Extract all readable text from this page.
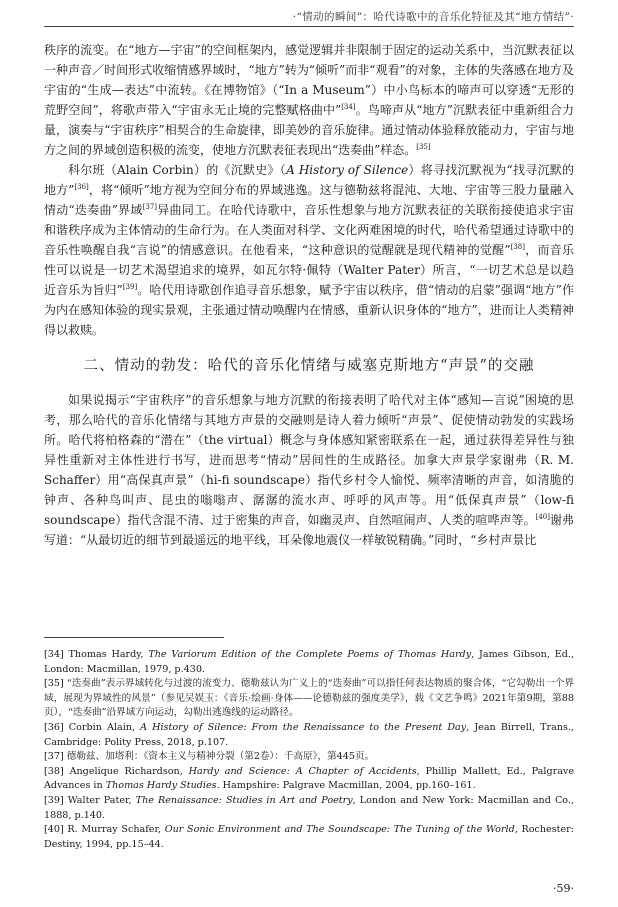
·“情动的瞬间”：哈代诗歌中的音乐化特征及其“地方情结”·

秩序的流变。在“地方—宇宙”的空间框架内，感觉逻辑并非限制于固定的运动关系中，当沉默表征以一种声音／时间形式收缩情感界域时，“地方”转为“倾听”而非“观看”的对象，主体的失落感在地方及宇宙的“生成—表达”中流转。《在博物馆》（“In a Museum”）中小鸟标本的啼声可以穿透“无形的荒野空间”，将歌声带入“宇宙永无止境的完整赋格曲中”[34]。鸟啼声从“地方”沉默表征中重新组合力量，演奏与“宇宙秩序”相契合的生命旋律，即美妙的音乐旋律。通过情动体验释放能动力，宇宙与地方之间的界域创造积极的流变，使地方沉默表征表现出“迭奏曲”样态。[35]

科尔班（Alain Corbin）的《沉默史》（A History of Silence）将寻找沉默视为“找寻沉默的地方”[36]，将“倾听”地方视为空间分布的界域逃逸。这与德勒兹将混沌、大地、宇宙等三股力量融入情动“迭奏曲”界域[37]异曲同工。在哈代诗歌中，音乐性想象与地方沉默表征的关联衔接使追求宇宙和谐秩序成为主体情动的生命行为。在人类面对科学、文化两难困境的时代，哈代希望通过诗歌中的音乐性唤醒自我“言说”的情感意识。在他看来，“这种意识的觉醒就是现代精神的觉醒”[38]，而音乐性可以说是一切艺术渴望追求的境界，如瓦尔特·佩特（Walter Pater）所言，“一切艺术总是以趋近音乐为旨归”[39]。哈代用诗歌创作追寻音乐想象，赋予宇宙以秩序，借“情动的启蒙”强调“地方”作为内在感知体验的现实景观，主张通过情动唤醒内在情感，重新认识身体的“地方”，进而让人类精神得以救赎。

二、情动的勃发：哈代的音乐化情绪与威塞克斯地方“声景”的交融

如果说揭示“宇宙秩序”的音乐想象与地方沉默的衔接表明了哈代对主体“感知—言说”困境的思考，那么哈代的音乐化情绪与其地方声景的交融则是诗人着力倾听“声景”、促使情动勃发的实践场所。哈代将柏格森的“潜在”（the virtual）概念与身体感知紧密联系在一起，通过获得差异性与独异性重新对主体性进行书写，进而思考“情动”居间性的生成路径。加拿大声景学家谢弗（R. M. Schaffer）用“高保真声景”（hi-fi soundscape）指代乡村令人愉悦、频率清晰的声音，如清脆的钟声、各种鸟叫声、昆虫的嗡嗡声、潺潺的流水声、呼呼的风声等。用“低保真声景”（low-fi soundscape）指代含混不清、过于密集的声音，如幽灵声、自然喧闹声、人类的喧哗声等。[40]谢弗写道：“从最切近的细节到最遥远的地平线，耳朵像地震仪一样敏锐精确。”同时，“乡村声景比

[34] Thomas Hardy, The Variorum Edition of the Complete Poems of Thomas Hardy, James Gibson, Ed., London: Macmillan, 1979, p.430.

[35] “迭奏曲”表示界域转化与过渡的流变力、德勒兹认为广义上的“迭奏曲”可以指任何表达物质的聚合体，“它勾勒出一个界域，展现为界域性的风景”（参见吴娱玉：《音乐·绘画·身体——论德勒兹的强度美学》，载《文艺争鸣》2021年第9期，第88页），“迭奏曲”沿界域方向运动，勾勒出逃逸线的运动路径。

[36] Corbin Alain, A History of Silence: From the Renaissance to the Present Day, Jean Birrell, Trans., Cambridge: Polity Press, 2018, p.107.

[37] 德勒兹、加塔利：《资本主义与精神分裂（第2卷）：千高原》，第445页。

[38] Angelique Richardson, Hardy and Science: A Chapter of Accidents, Phillip Mallett, Ed., Palgrave Advances in Thomas Hardy Studies. Hampshire: Palgrave Macmillan, 2004, pp.160–161.

[39] Walter Pater, The Renaissance: Studies in Art and Poetry, London and New York: Macmillan and Co., 1888, p.140.

[40] R. Murray Schafer, Our Sonic Environment and The Soundscape: The Tuning of the World, Rochester: Destiny, 1994, pp.15–44.

·59·
